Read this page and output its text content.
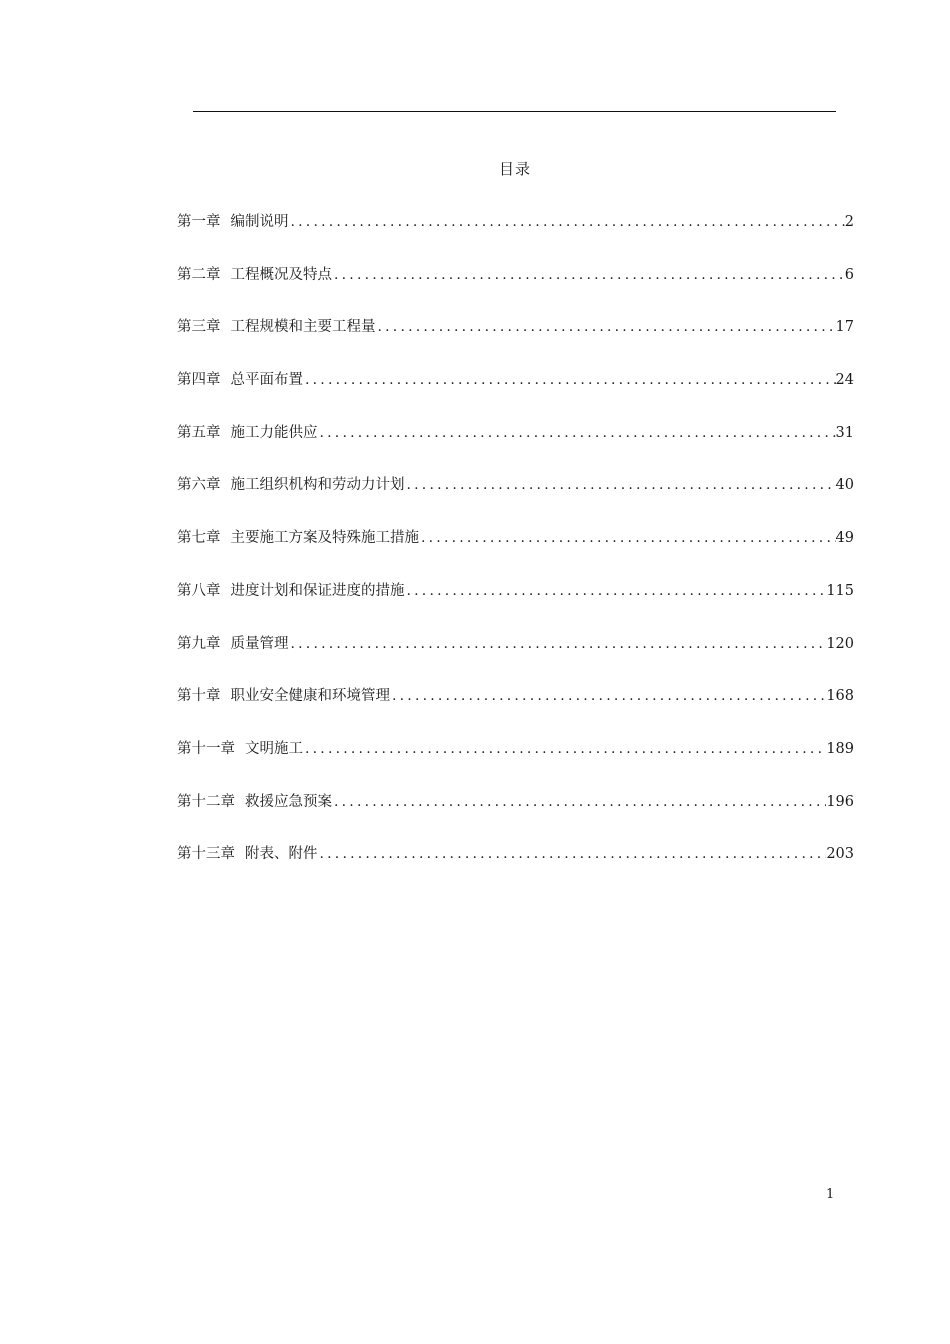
目录
第一章 编制说明 .....	2
第二章 工程概况及特点 .....	6
第三章 工程规模和主要工程量 .....	17
第四章 总平面布置 .....	24
第五章 施工力能供应 .....	31
第六章 施工组织机构和劳动力计划 .....	40
第七章 主要施工方案及特殊施工措施 .....	49
第八章 进度计划和保证进度的措施 .....	115
第九章 质量管理 .....	120
第十章 职业安全健康和环境管理 .....	168
第十一章 文明施工 .....	189
第十二章 救援应急预案 .....	196
第十三章 附表、附件 .....	203
1
